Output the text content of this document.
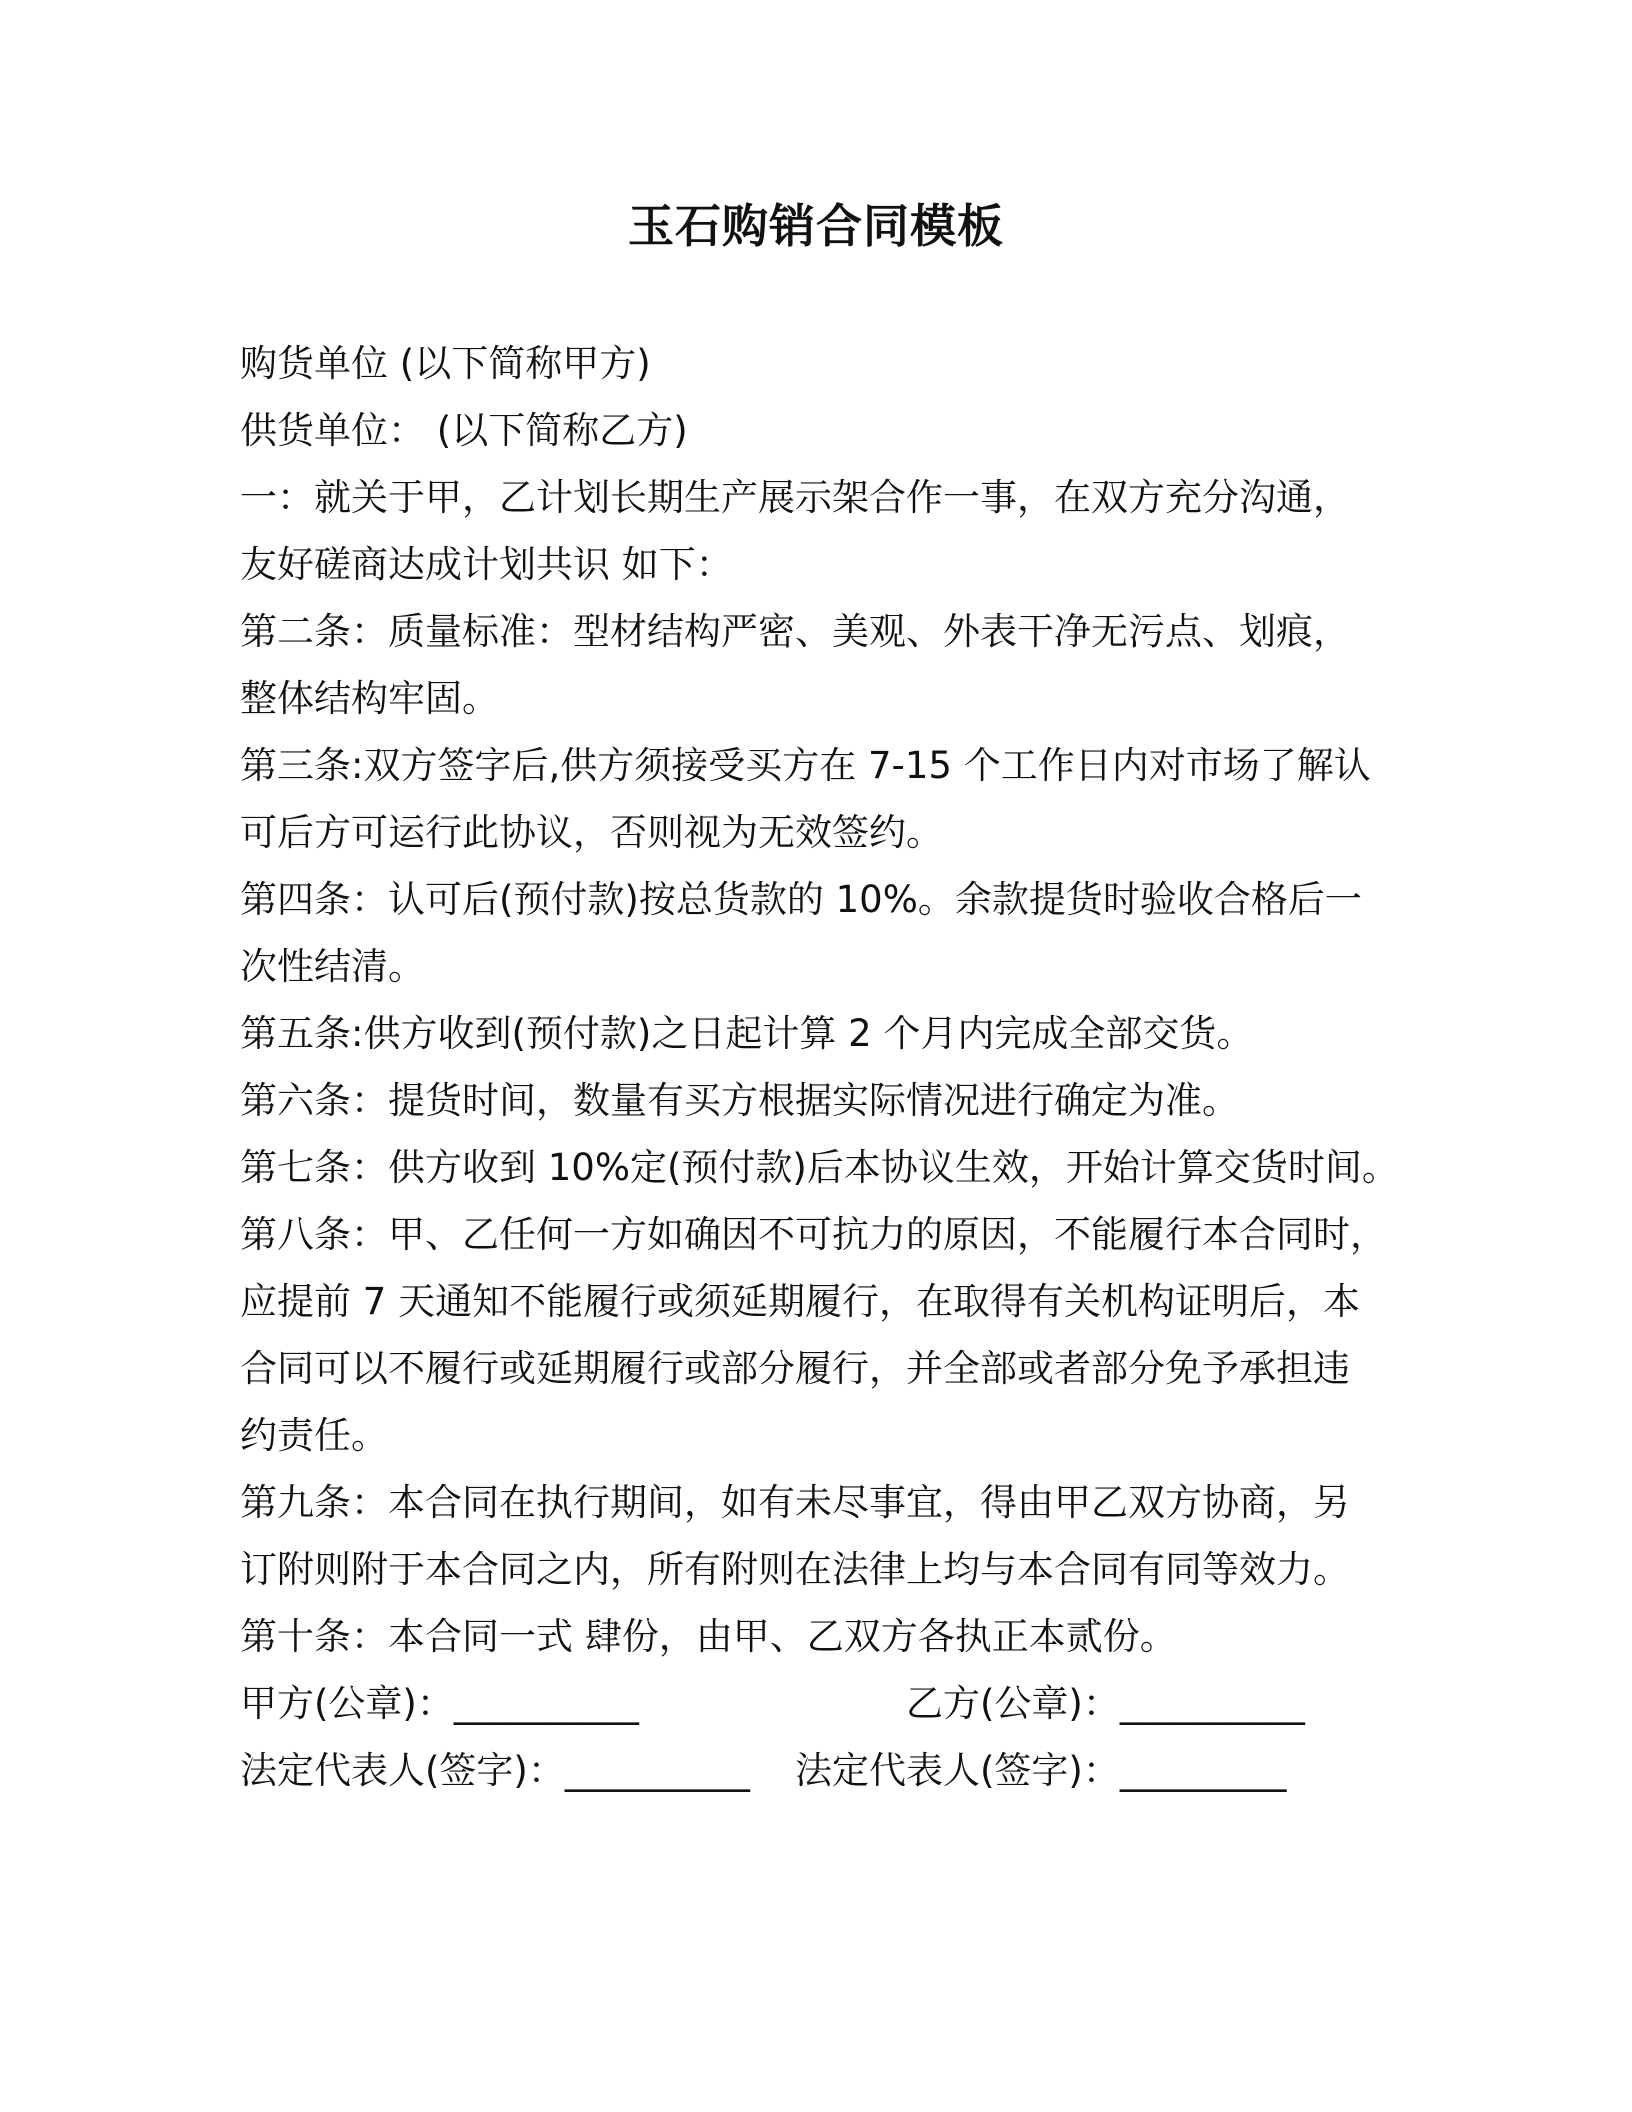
玉石购销合同模板

购货单位 (以下简称甲方)

供货单位： (以下简称乙方)

一：就关于甲，乙计划长期生产展示架合作一事，在双方充分沟通，

友好磋商达成计划共识 如下：

第二条：质量标准：型材结构严密、美观、外表干净无污点、划痕，

整体结构牢固。

第三条:双方签字后,供方须接受买方在 7-15 个工作日内对市场了解认

可后方可运行此协议，否则视为无效签约。

第四条：认可后(预付款)按总货款的 10%。余款提货时验收合格后一

次性结清。

第五条:供方收到(预付款)之日起计算 2 个月内完成全部交货。

第六条：提货时间，数量有买方根据实际情况进行确定为准。

第七条：供方收到 10%定(预付款)后本协议生效，开始计算交货时间。

第八条：甲、乙任何一方如确因不可抗力的原因，不能履行本合同时，

应提前 7 天通知不能履行或须延期履行，在取得有关机构证明后，本

合同可以不履行或延期履行或部分履行，并全部或者部分免予承担违

约责任。

第九条：本合同在执行期间，如有未尽事宜，得由甲乙双方协商，另

订附则附于本合同之内，所有附则在法律上均与本合同有同等效力。

第十条：本合同一式 肆份，由甲、乙双方各执正本贰份。

甲方(公章)：__________	乙方(公章)：__________
法定代表人(签字)：__________ 法定代表人(签字)：_________
